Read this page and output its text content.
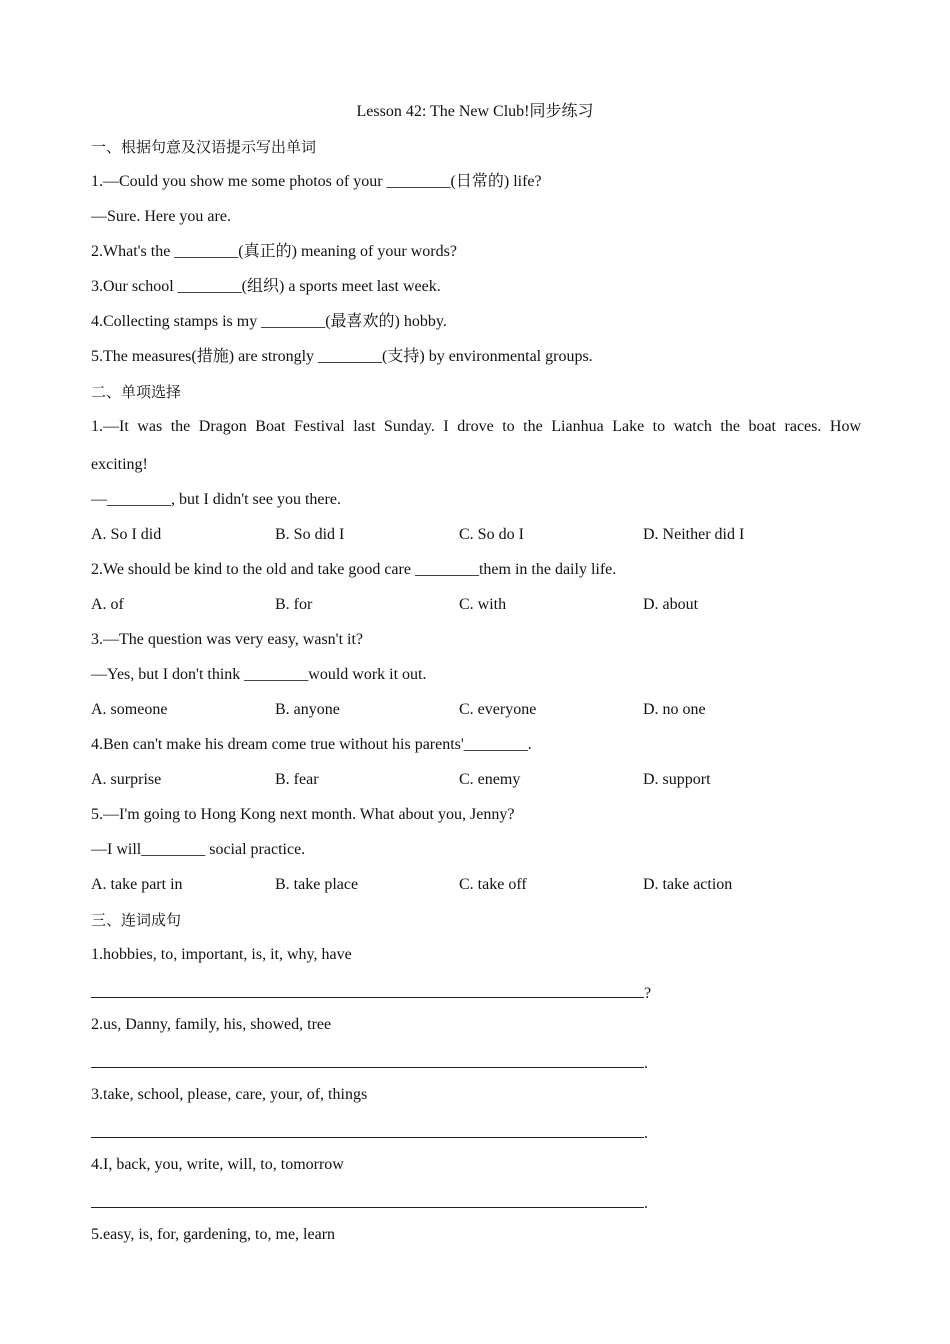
Lesson 42: The New Club!同步练习
一、根据句意及汉语提示写出单词
1.—Could you show me some photos of your ________(日常的) life?
—Sure. Here you are.
2.What's the ________(真正的) meaning of your words?
3.Our school ________(组织) a sports meet last week.
4.Collecting stamps is my ________(最喜欢的) hobby.
5.The measures(措施) are strongly ________(支持) by environmental groups.
二、单项选择
1.—It was the Dragon Boat Festival last Sunday. I drove to the Lianhua Lake to watch the boat races. How
exciting!
—________, but I didn't see you there.
A. So I did	B. So did I	C. So do I	D. Neither did I
2.We should be kind to the old and take good care ________them in the daily life.
A. of	B. for	C. with	D. about
3.—The question was very easy, wasn't it?
—Yes, but I don't think ________would work it out.
A. someone	B. anyone	C. everyone	D. no one
4.Ben can't make his dream come true without his parents'________.
A. surprise	B. fear	C. enemy	D. support
5.—I'm going to Hong Kong next month. What about you, Jenny?
—I will________ social practice.
A. take part in	B. take place	C. take off	D. take action
三、连词成句
1.hobbies, to, important, is, it, why, have
?
2.us, Danny, family, his, showed, tree
.
3.take, school, please, care, your, of, things
.
4.I, back, you, write, will, to, tomorrow
.
5.easy, is, for, gardening, to, me, learn
